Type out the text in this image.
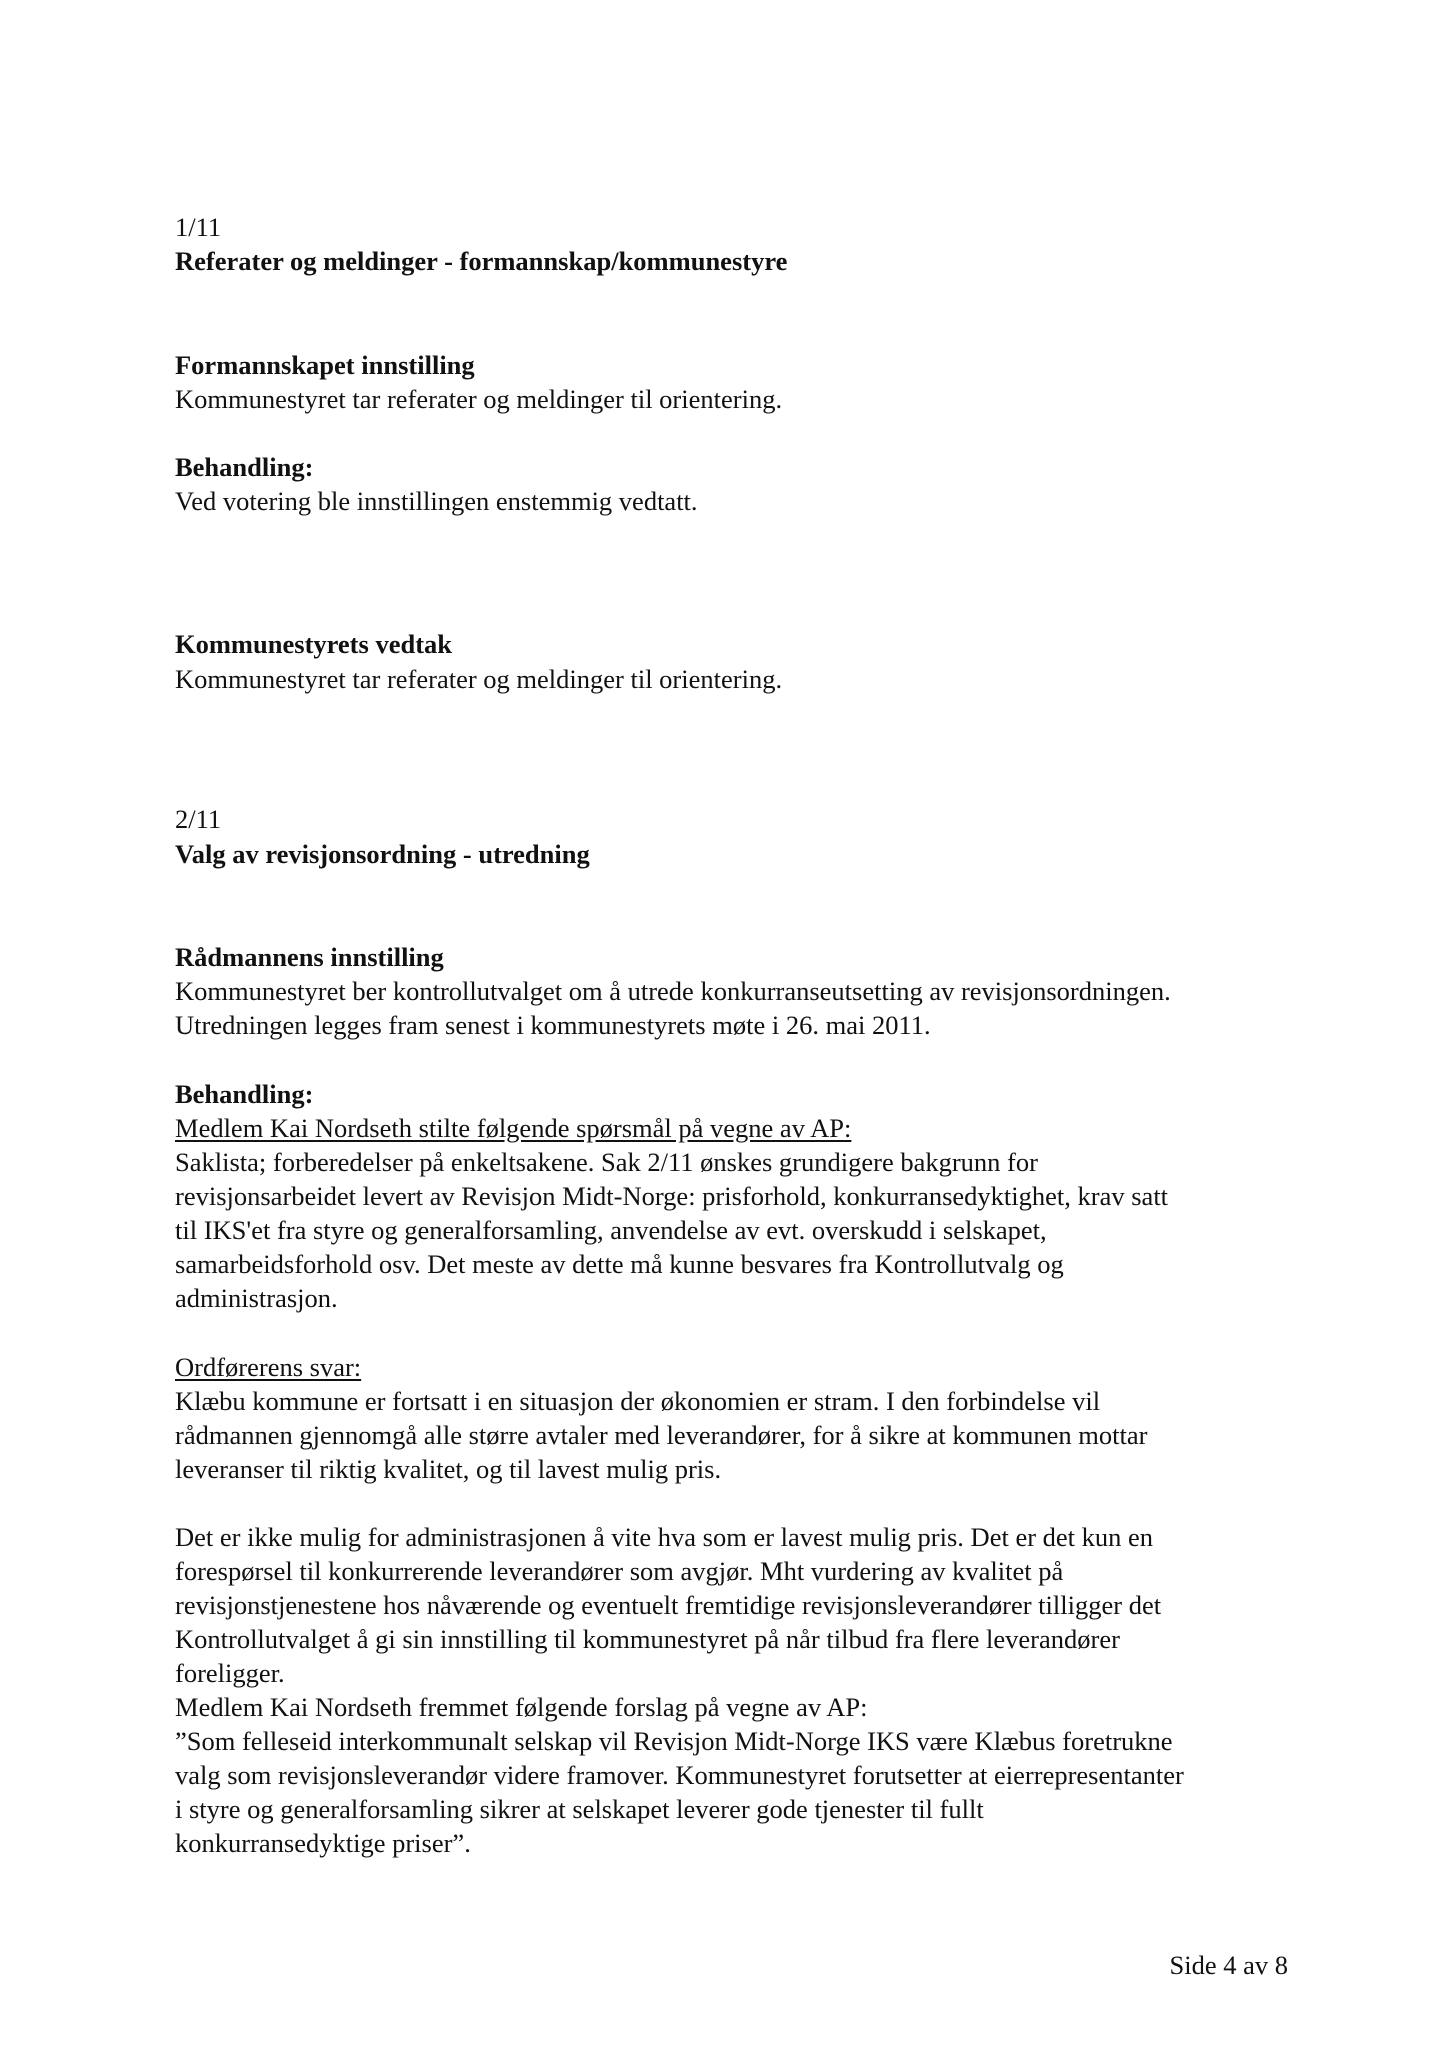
1/11
Referater og meldinger - formannskap/kommunestyre
Formannskapet innstilling
Kommunestyret tar referater og meldinger til orientering.
Behandling:
Ved votering ble innstillingen enstemmig vedtatt.
Kommunestyrets vedtak
Kommunestyret tar referater og meldinger til orientering.
2/11
Valg av revisjonsordning - utredning
Rådmannens innstilling
Kommunestyret ber kontrollutvalget om å utrede konkurranseutsetting av revisjonsordningen.
Utredningen legges fram senest i kommunestyrets møte i 26. mai 2011.
Behandling:
Medlem Kai Nordseth stilte følgende spørsmål på vegne av AP:
Saklista; forberedelser på enkeltsakene. Sak 2/11 ønskes grundigere bakgrunn for
revisjonsarbeidet levert av Revisjon Midt-Norge: prisforhold, konkurransedyktighet, krav satt
til IKS'et fra styre og generalforsamling, anvendelse av evt. overskudd i selskapet,
samarbeidsforhold osv. Det meste av dette må kunne besvares fra Kontrollutvalg og
administrasjon.
Ordførerens svar:
Klæbu kommune er fortsatt i en situasjon der økonomien er stram. I den forbindelse vil
rådmannen gjennomgå alle større avtaler med leverandører, for å sikre at kommunen mottar
leveranser til riktig kvalitet, og til lavest mulig pris.
Det er ikke mulig for administrasjonen å vite hva som er lavest mulig pris. Det er det kun en
forespørsel til konkurrerende leverandører som avgjør. Mht vurdering av kvalitet på
revisjonstjenestene hos nåværende og eventuelt fremtidige revisjonsleverandører tilligger det
Kontrollutvalget å gi sin innstilling til kommunestyret på når tilbud fra flere leverandører
foreligger.
Medlem Kai Nordseth fremmet følgende forslag på vegne av AP:
”Som felleseid interkommunalt selskap vil Revisjon Midt-Norge IKS være Klæbus foretrukne
valg som revisjonsleverandør videre framover. Kommunestyret forutsetter at eierrepresentanter
i styre og generalforsamling sikrer at selskapet leverer gode tjenester til fullt
konkurransedyktige priser”.
Side 4 av 8
